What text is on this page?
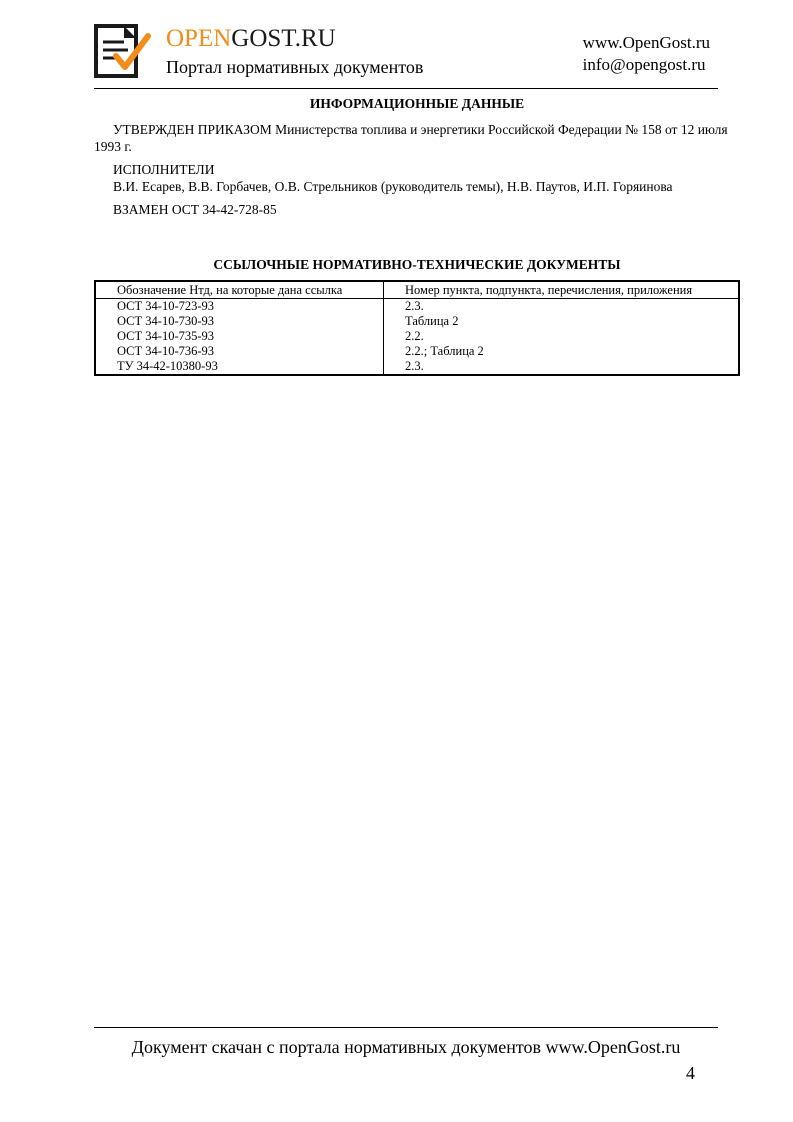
OPENGOST.RU
Портал нормативных документов
www.OpenGost.ru
info@opengost.ru
ИНФОРМАЦИОННЫЕ ДАННЫЕ

УТВЕРЖДЕН ПРИКАЗОМ Министерства топлива и энергетики Российской Федерации № 158 от 12 июля 1993 г.

ИСПОЛНИТЕЛИ
В.И. Есарев, В.В. Горбачев, О.В. Стрельников (руководитель темы), Н.В. Паутов, И.П. Горяинова
ВЗАМЕН ОСТ 34-42-728-85
ССЫЛОЧНЫЕ НОРМАТИВНО-ТЕХНИЧЕСКИЕ ДОКУМЕНТЫ
Обозначение Нтд, на которые дана ссылка	Номер пункта, подпункта, перечисления, приложения
ОСТ 34-10-723-93	2.3.
ОСТ 34-10-730-93	Таблица 2
ОСТ 34-10-735-93	2.2.
ОСТ 34-10-736-93	2.2.; Таблица 2
ТУ 34-42-10380-93	2.3.
Документ скачан с портала нормативных документов www.OpenGost.ru
4
